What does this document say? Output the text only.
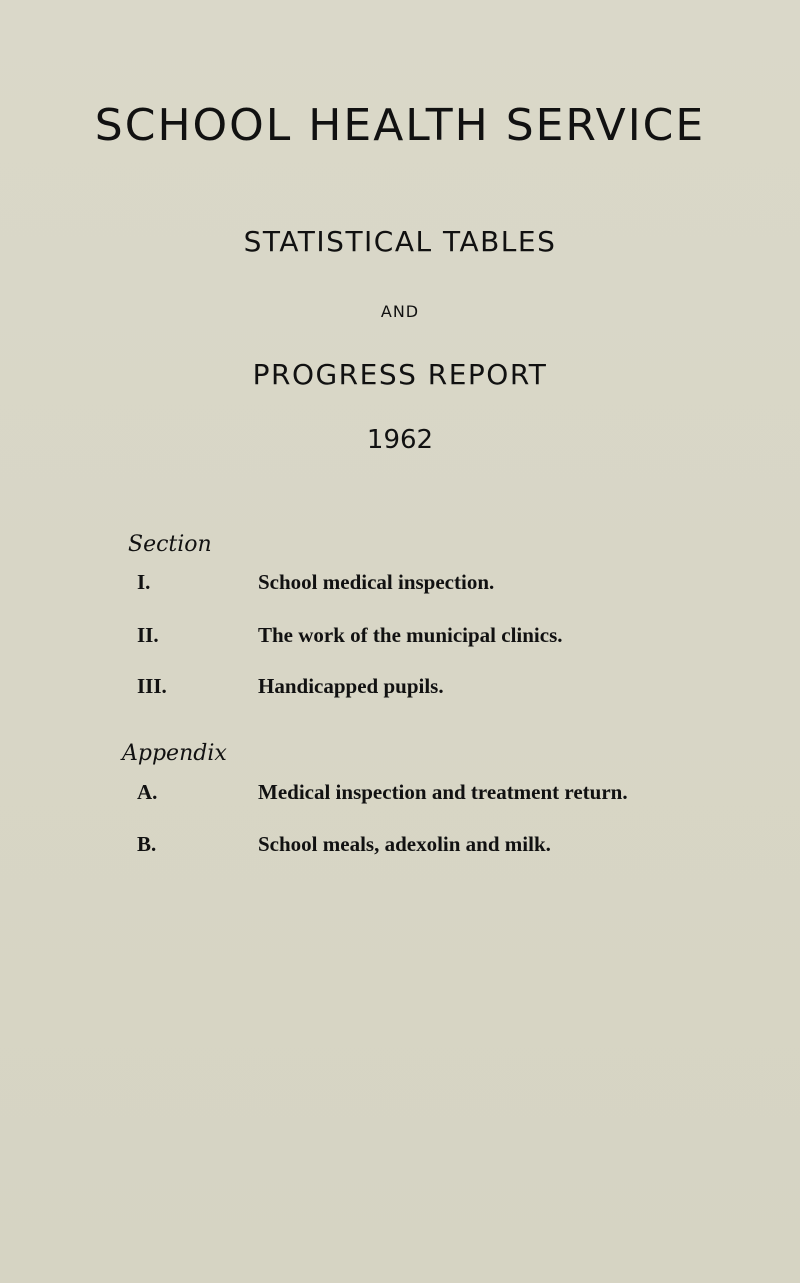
SCHOOL HEALTH SERVICE

STATISTICAL TABLES

AND

PROGRESS REPORT

1962

Section

I.	School medical inspection.
II.	The work of the municipal clinics.
III.	Handicapped pupils.

Appendix

A.	Medical inspection and treatment return.
B.	School meals, adexolin and milk.
